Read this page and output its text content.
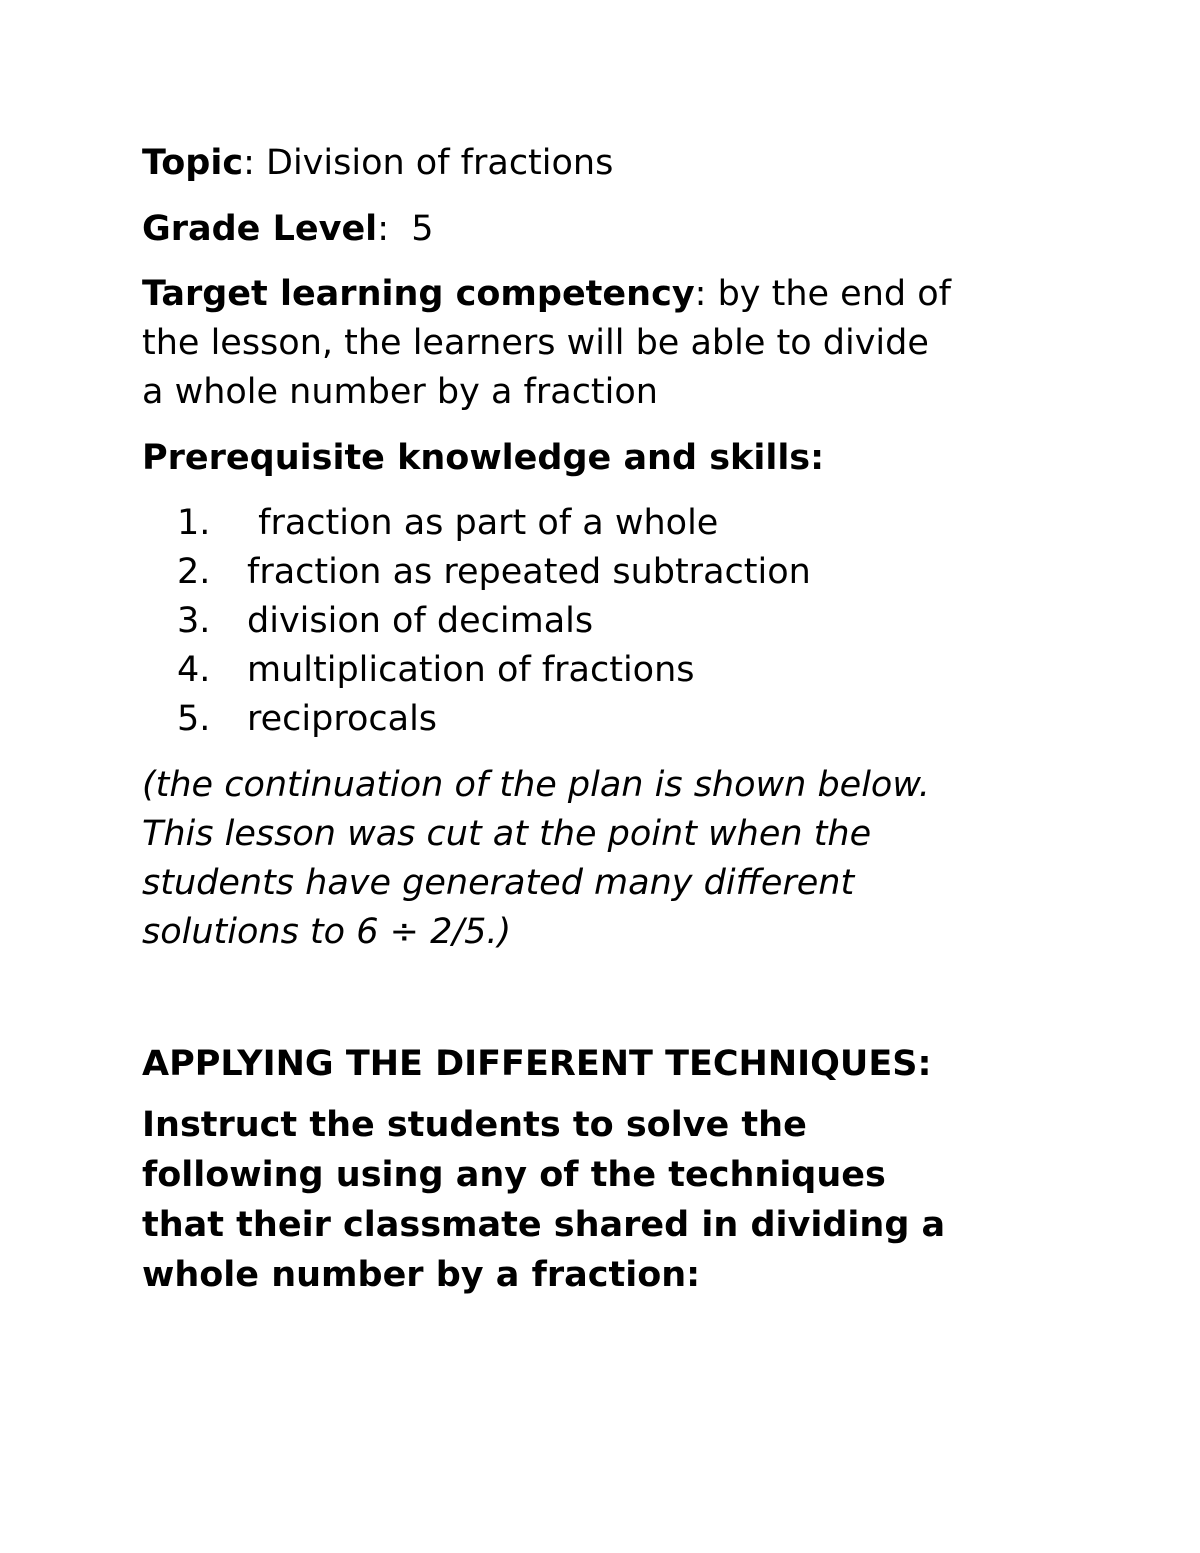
Topic: Division of fractions
Grade Level:  5
Target learning competency: by the end of
the lesson, the learners will be able to divide
a whole number by a fraction
Prerequisite knowledge and skills:
1. fraction as part of a whole
2. fraction as repeated subtraction
3. division of decimals
4. multiplication of fractions
5. reciprocals
(the continuation of the plan is shown below.
This lesson was cut at the point when the
students have generated many different
solutions to 6 ÷ 2/5.)
APPLYING THE DIFFERENT TECHNIQUES:
Instruct the students to solve the
following using any of the techniques
that their classmate shared in dividing a
whole number by a fraction:
